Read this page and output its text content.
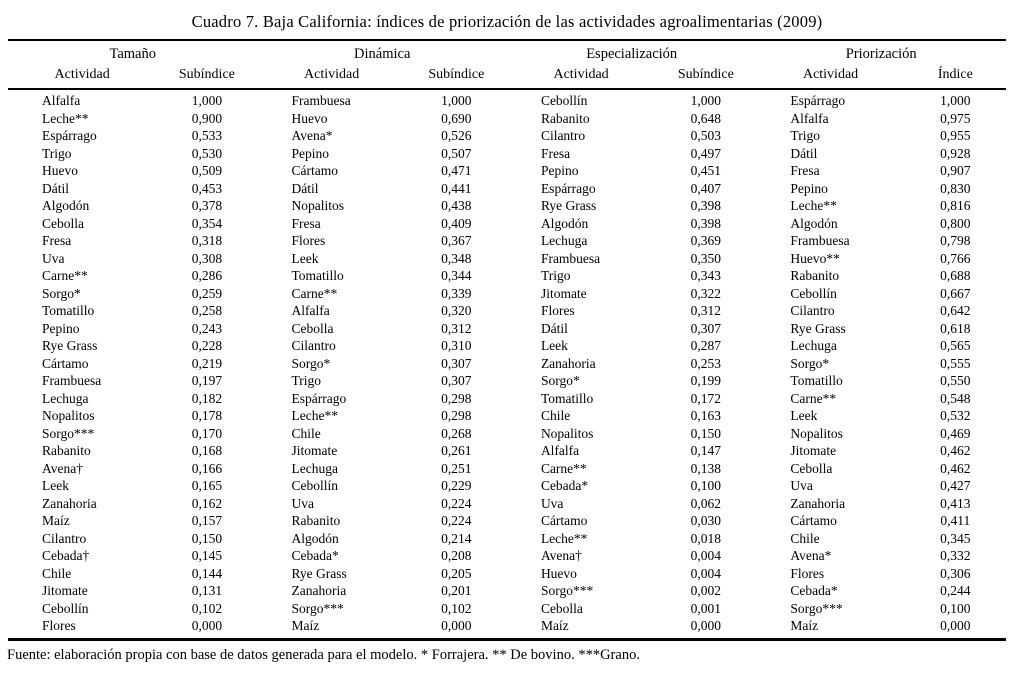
Cuadro 7. Baja California: índices de priorización de las actividades agroalimentarias (2009)
Tamaño		Dinámica		Especialización		Priorización	
Actividad	Subíndice	Actividad	Subíndice	Actividad	Subíndice	Actividad	Índice
Alfalfa	1,000	Frambuesa	1,000	Cebollín	1,000	Espárrago	1,000
Leche**	0,900	Huevo	0,690	Rabanito	0,648	Alfalfa	0,975
Espárrago	0,533	Avena*	0,526	Cilantro	0,503	Trigo	0,955
Trigo	0,530	Pepino	0,507	Fresa	0,497	Dátil	0,928
Huevo	0,509	Cártamo	0,471	Pepino	0,451	Fresa	0,907
Dátil	0,453	Dátil	0,441	Espárrago	0,407	Pepino	0,830
Algodón	0,378	Nopalitos	0,438	Rye Grass	0,398	Leche**	0,816
Cebolla	0,354	Fresa	0,409	Algodón	0,398	Algodón	0,800
Fresa	0,318	Flores	0,367	Lechuga	0,369	Frambuesa	0,798
Uva	0,308	Leek	0,348	Frambuesa	0,350	Huevo**	0,766
Carne**	0,286	Tomatillo	0,344	Trigo	0,343	Rabanito	0,688
Sorgo*	0,259	Carne**	0,339	Jitomate	0,322	Cebollín	0,667
Tomatillo	0,258	Alfalfa	0,320	Flores	0,312	Cilantro	0,642
Pepino	0,243	Cebolla	0,312	Dátil	0,307	Rye Grass	0,618
Rye Grass	0,228	Cilantro	0,310	Leek	0,287	Lechuga	0,565
Cártamo	0,219	Sorgo*	0,307	Zanahoria	0,253	Sorgo*	0,555
Frambuesa	0,197	Trigo	0,307	Sorgo*	0,199	Tomatillo	0,550
Lechuga	0,182	Espárrago	0,298	Tomatillo	0,172	Carne**	0,548
Nopalitos	0,178	Leche**	0,298	Chile	0,163	Leek	0,532
Sorgo***	0,170	Chile	0,268	Nopalitos	0,150	Nopalitos	0,469
Rabanito	0,168	Jitomate	0,261	Alfalfa	0,147	Jitomate	0,462
Avena†	0,166	Lechuga	0,251	Carne**	0,138	Cebolla	0,462
Leek	0,165	Cebollín	0,229	Cebada*	0,100	Uva	0,427
Zanahoria	0,162	Uva	0,224	Uva	0,062	Zanahoria	0,413
Maíz	0,157	Rabanito	0,224	Cártamo	0,030	Cártamo	0,411
Cilantro	0,150	Algodón	0,214	Leche**	0,018	Chile	0,345
Cebada†	0,145	Cebada*	0,208	Avena†	0,004	Avena*	0,332
Chile	0,144	Rye Grass	0,205	Huevo	0,004	Flores	0,306
Jitomate	0,131	Zanahoria	0,201	Sorgo***	0,002	Cebada*	0,244
Cebollín	0,102	Sorgo***	0,102	Cebolla	0,001	Sorgo***	0,100
Flores	0,000	Maíz	0,000	Maíz	0,000	Maíz	0,000
Fuente: elaboración propia con base de datos generada para el modelo. * Forrajera. ** De bovino. ***Grano.
